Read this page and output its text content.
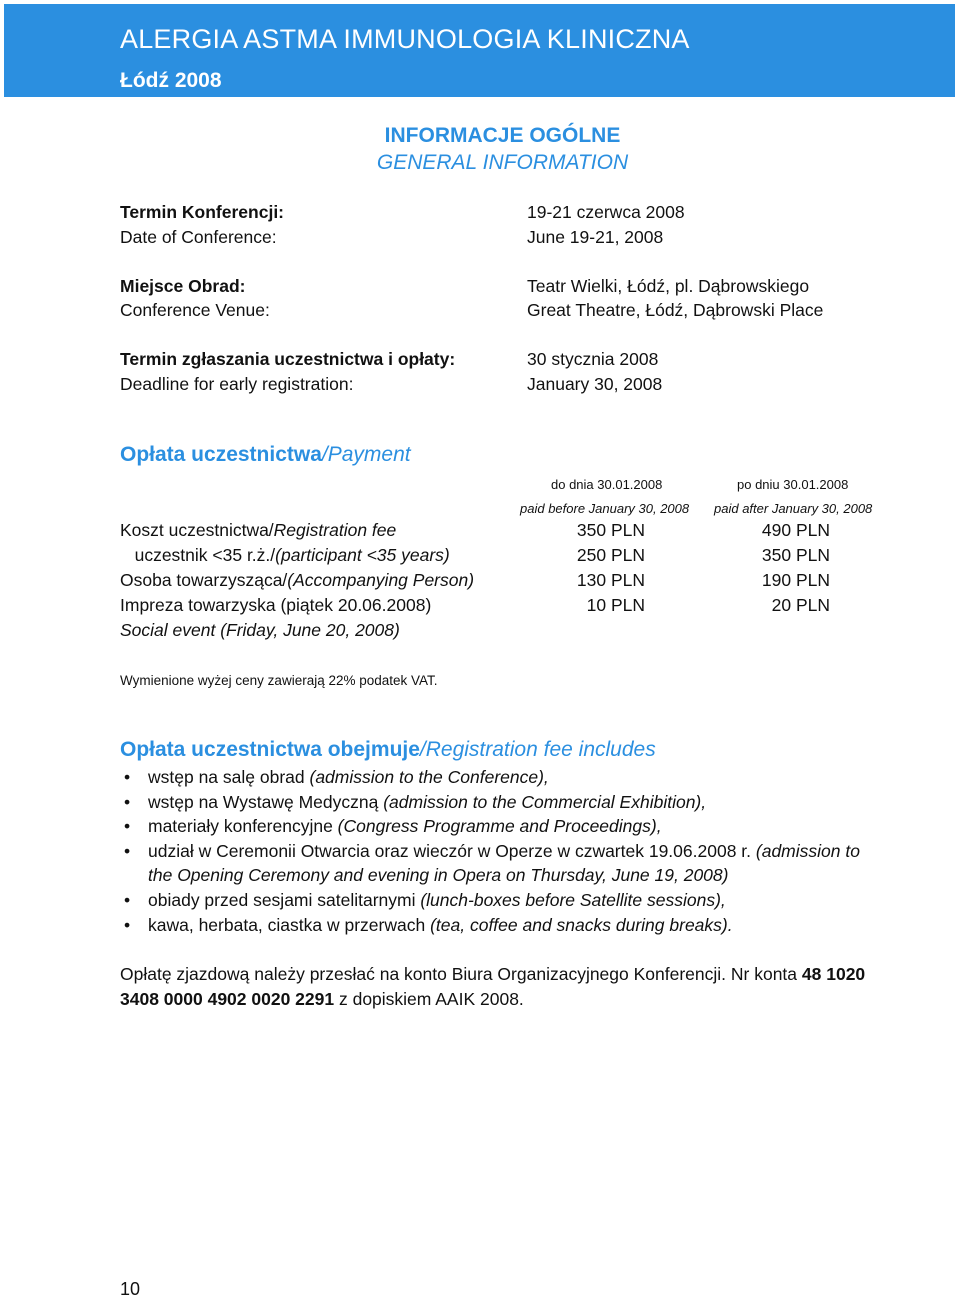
ALERGIA ASTMA IMMUNOLOGIA KLINICZNA
Łódź 2008
INFORMACJE OGÓLNE
GENERAL INFORMATION
Termin Konferencji:
Date of Conference:
19-21 czerwca 2008
June 19-21, 2008
Miejsce Obrad:
Conference Venue:
Teatr Wielki, Łódź, pl. Dąbrowskiego
Great Theatre, Łódź, Dąbrowski Place
Termin zgłaszania uczestnictwa i opłaty:
Deadline for early registration:
30 stycznia 2008
January 30, 2008
Opłata uczestnictwa/Payment
do dnia 30.01.2008	po dniu 30.01.2008
paid before January 30, 2008 paid after January 30, 2008
Koszt uczestnictwa/Registration fee	350 PLN	490 PLN
uczestnik <35 r.ż./(participant <35 years)	250 PLN	350 PLN
Osoba towarzysząca/(Accompanying Person)	130 PLN	190 PLN
Impreza towarzyska (piątek 20.06.2008)	10 PLN	20 PLN
Social event (Friday, June 20, 2008)
Wymienione wyżej ceny zawierają 22% podatek VAT.
Opłata uczestnictwa obejmuje/Registration fee includes
• wstęp na salę obrad (admission to the Conference),
• wstęp na Wystawę Medyczną (admission to the Commercial Exhibition),
• materiały konferencyjne (Congress Programme and Proceedings),
• udział w Ceremonii Otwarcia oraz wieczór w Operze w czwartek 19.06.2008 r. (admission to the Opening Ceremony and evening in Opera on Thursday, June 19, 2008)
• obiady przed sesjami satelitarnymi (lunch-boxes before Satellite sessions),
• kawa, herbata, ciastka w przerwach (tea, coffee and snacks during breaks).
Opłatę zjazdową należy przesłać na konto Biura Organizacyjnego Konferencji. Nr konta 48 1020 3408 0000 4902 0020 2291 z dopiskiem AAIK 2008.
10
